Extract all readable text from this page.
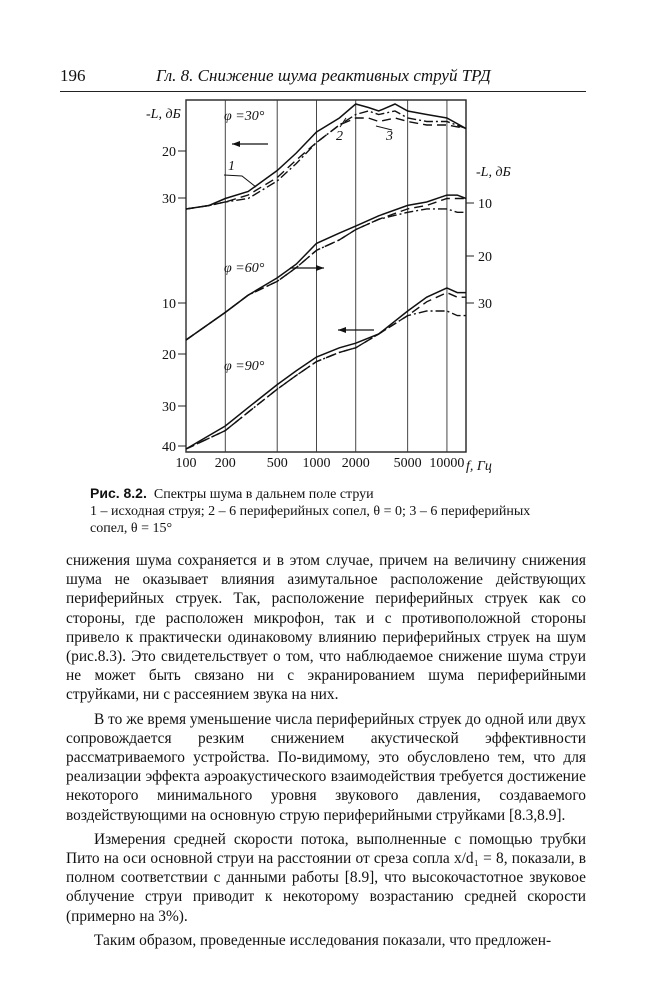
196	Гл. 8. Снижение шума реактивных струй ТРД
100 200 500 1000 2000 5000 10000 f, Гц
20
30
10
20
30
40
-L, дБ
10
20
30
-L, дБ
φ =30°
φ =60°
φ =90°
1
2	3
Рис. 8.2. Спектры шума в дальнем поле струи
1 – исходная струя; 2 – 6 периферийных сопел, θ = 0; 3 – 6 периферийных сопел, θ = 15°

снижения шума сохраняется и в этом случае, причем на величину снижения шума не оказывает влияния азимутальное расположение действующих периферийных струек. Так, расположение периферийных струек как со стороны, где расположен микрофон, так и с противоположной стороны привело к практически одинаковому влиянию периферийных струек на шум (рис.8.3). Это свидетельствует о том, что наблюдаемое снижение шума струи не может быть связано ни с экранированием шума периферийными струйками, ни с рассеянием звука на них.

В то же время уменьшение числа периферийных струек до одной или двух сопровождается резким снижением акустической эффективности рассматриваемого устройства. По-видимому, это обусловлено тем, что для реализации эффекта аэроакустического взаимодействия требуется достижение некоторого минимального уровня звукового давления, создаваемого воздействующими на основную струю периферийными струйками [8.3,8.9].

Измерения средней скорости потока, выполненные с помощью трубки Пито на оси основной струи на расстоянии от среза сопла x/d₁ = 8, показали, в полном соответствии с данными работы [8.9], что высокочастотное звуковое облучение струи приводит к некоторому возрастанию средней скорости (примерно на 3%).

Таким образом, проведенные исследования показали, что предложен-
